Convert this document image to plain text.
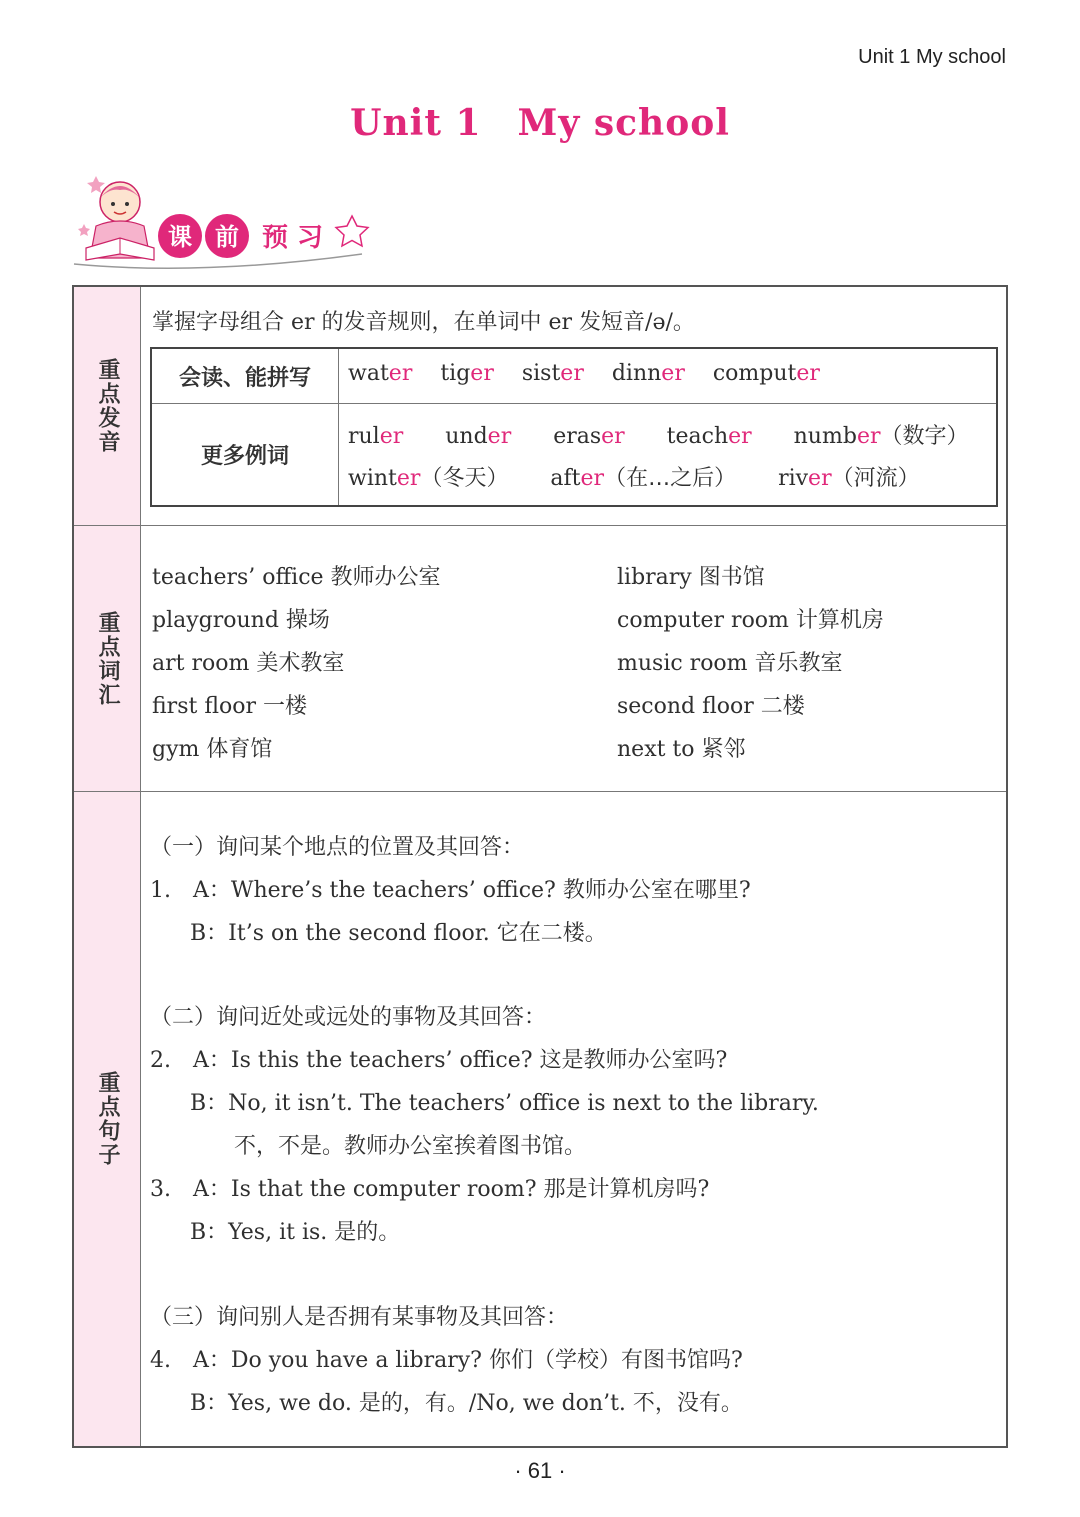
Unit 1 My school
Unit 1 My school
课 前 预 习
重点发音
掌握字母组合 er 的发音规则，在单词中 er 发短音/ə/。
会读、能拼写	water tiger sister dinner computer
更多例词
ruler under eraser teacher number（数字）
winter（冬天） after（在…之后） river（河流）
重点词汇
teachers’ office 教师办公室
playground 操场
art room 美术教室
first floor 一楼
gym 体育馆
library 图书馆
computer room 计算机房
music room 音乐教室
second floor 二楼
next to 紧邻
重点句子
（一）询问某个地点的位置及其回答：
1.　A：Where’s the teachers’ office? 教师办公室在哪里?
B：It’s on the second floor. 它在二楼。
（二）询问近处或远处的事物及其回答：
2.　A：Is this the teachers’ office? 这是教师办公室吗?
B：No, it isn’t. The teachers’ office is next to the library.
不，不是。教师办公室挨着图书馆。
3.　A：Is that the computer room? 那是计算机房吗?
B：Yes, it is. 是的。
（三）询问别人是否拥有某事物及其回答：
4.　A：Do you have a library? 你们（学校）有图书馆吗?
B：Yes, we do. 是的，有。/No, we don’t. 不，没有。
· 61 ·
